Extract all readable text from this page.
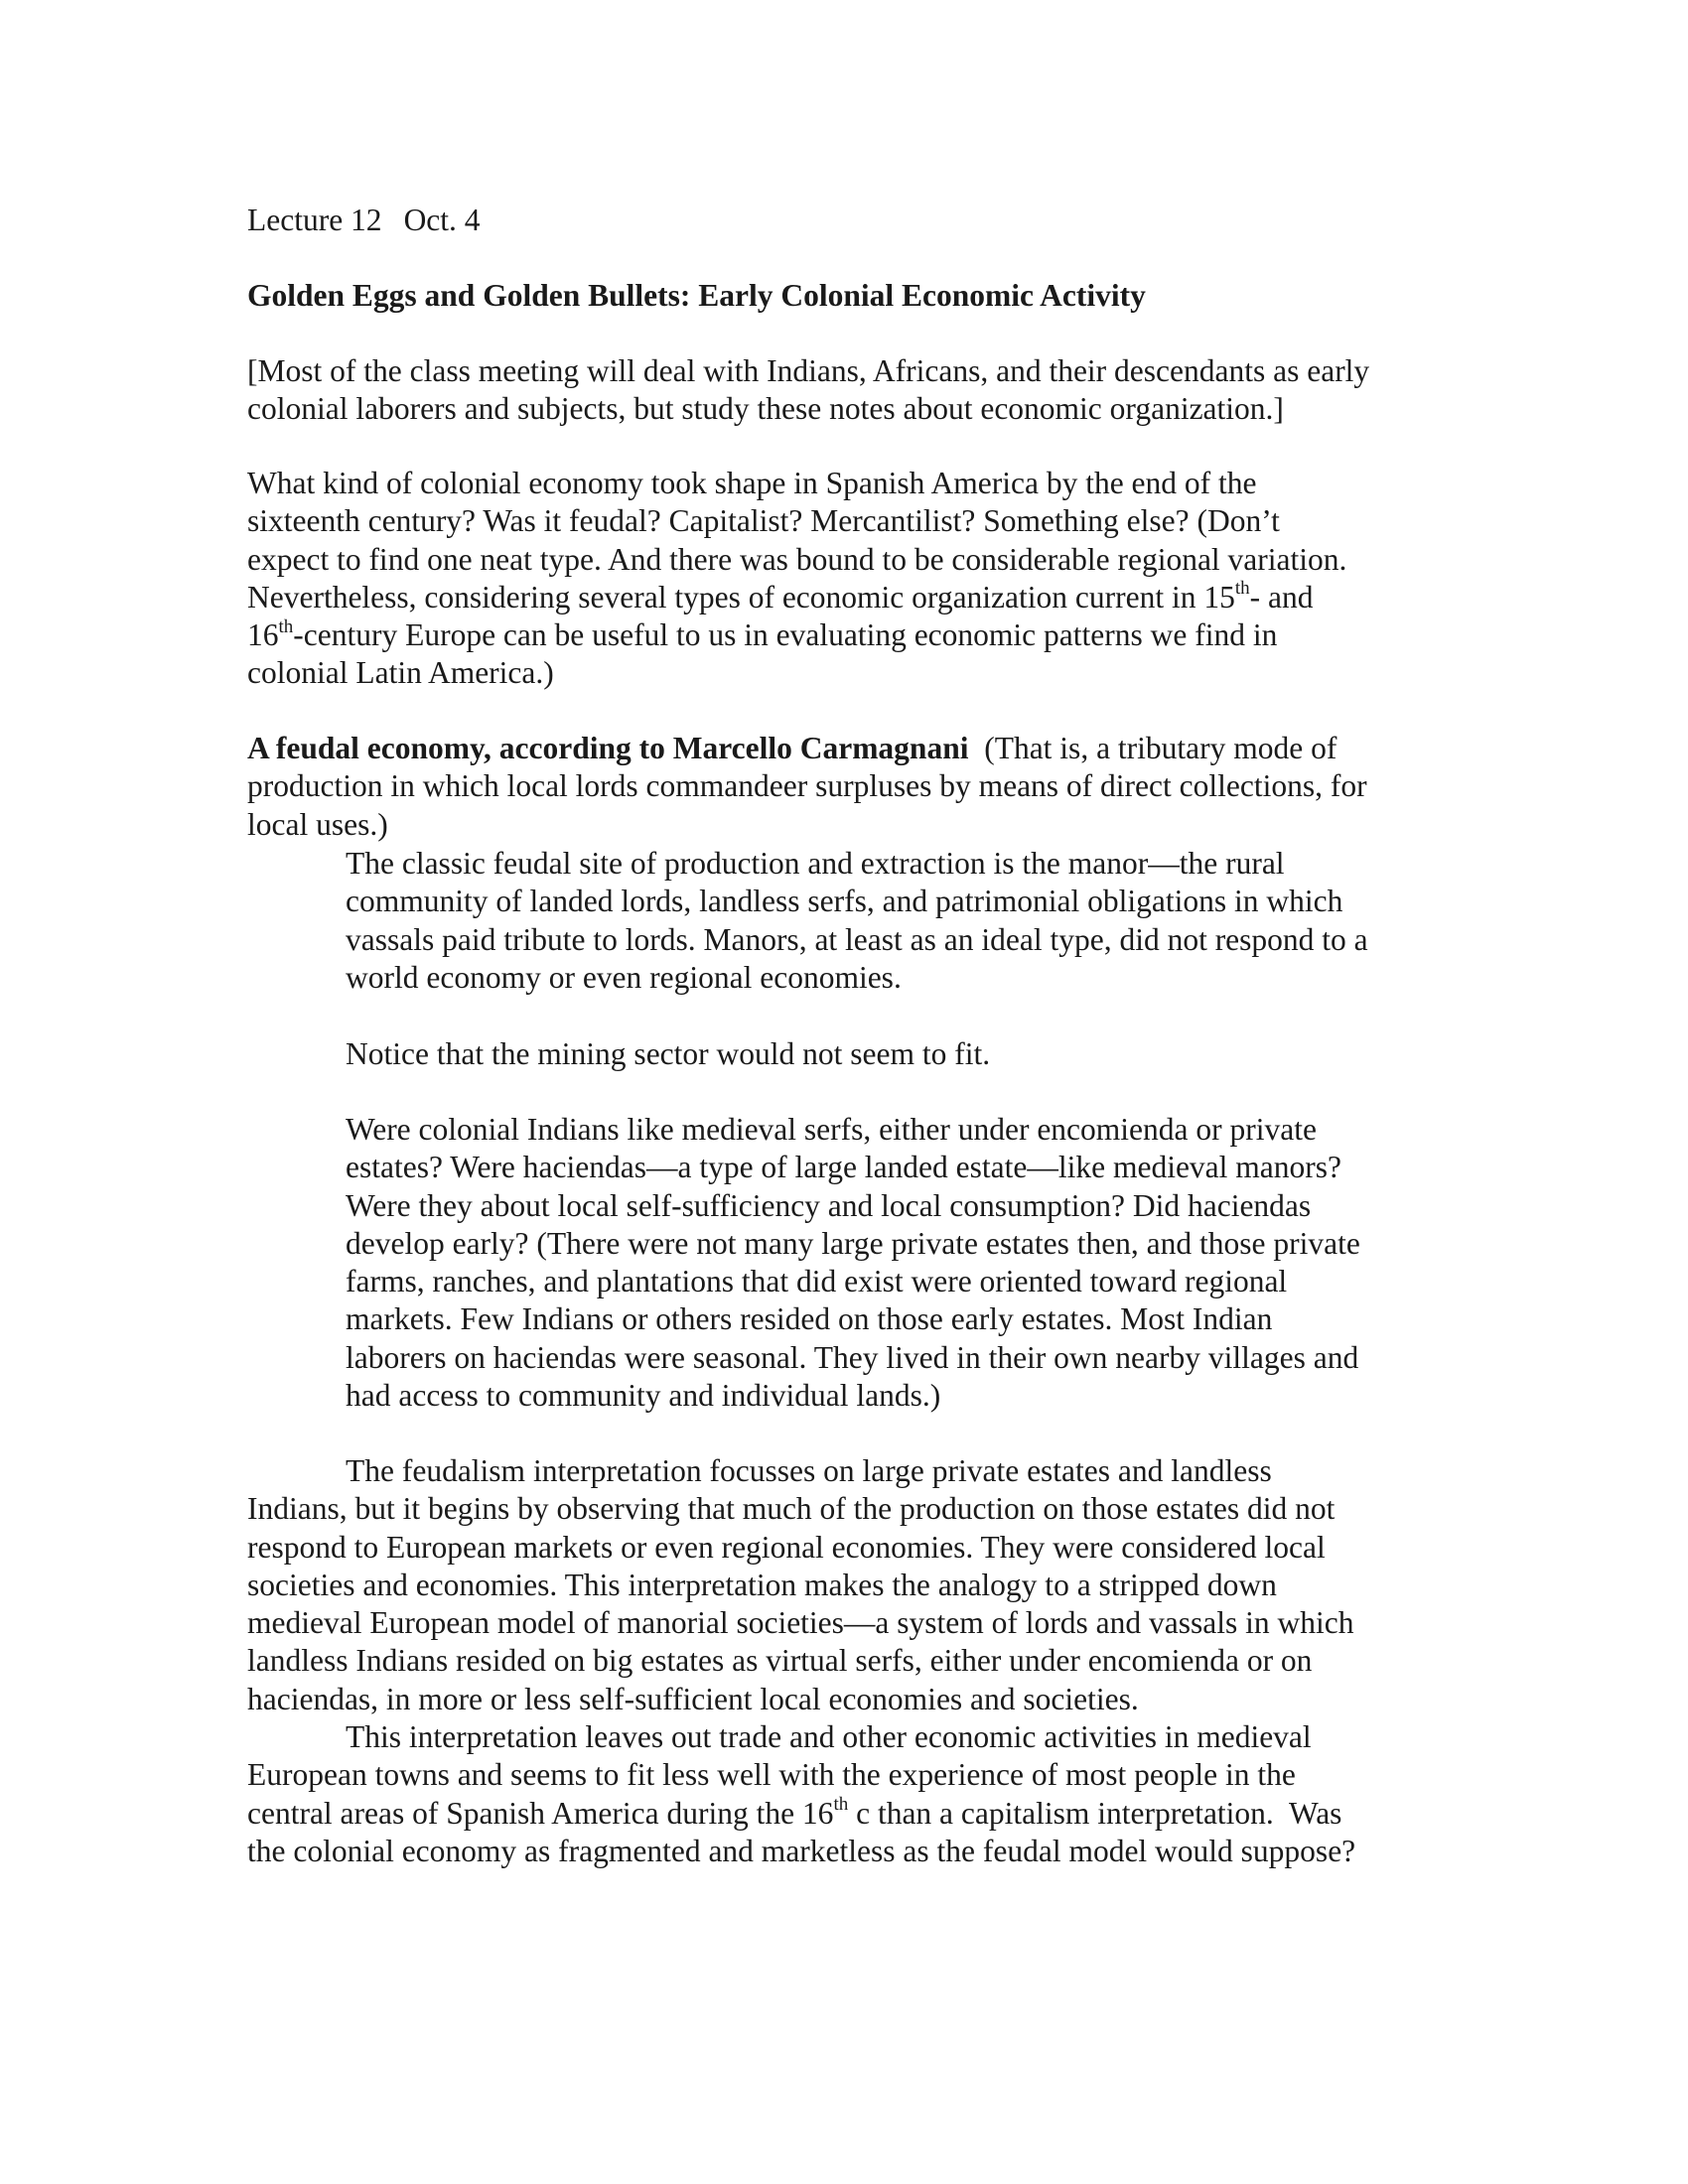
Lecture 12 Oct. 4
Golden Eggs and Golden Bullets: Early Colonial Economic Activity
[Most of the class meeting will deal with Indians, Africans, and their descendants as early
colonial laborers and subjects, but study these notes about economic organization.]
What kind of colonial economy took shape in Spanish America by the end of the
sixteenth century? Was it feudal? Capitalist? Mercantilist? Something else? (Don’t
expect to find one neat type. And there was bound to be considerable regional variation.
Nevertheless, considering several types of economic organization current in 15th- and
16th-century Europe can be useful to us in evaluating economic patterns we find in
colonial Latin America.)
A feudal economy, according to Marcello Carmagnani  (That is, a tributary mode of
production in which local lords commandeer surpluses by means of direct collections, for
local uses.)
The classic feudal site of production and extraction is the manor—the rural
community of landed lords, landless serfs, and patrimonial obligations in which
vassals paid tribute to lords. Manors, at least as an ideal type, did not respond to a
world economy or even regional economies.
Notice that the mining sector would not seem to fit.
Were colonial Indians like medieval serfs, either under encomienda or private
estates? Were haciendas—a type of large landed estate—like medieval manors?
Were they about local self-sufficiency and local consumption? Did haciendas
develop early? (There were not many large private estates then, and those private
farms, ranches, and plantations that did exist were oriented toward regional
markets. Few Indians or others resided on those early estates. Most Indian
laborers on haciendas were seasonal. They lived in their own nearby villages and
had access to community and individual lands.)
The feudalism interpretation focusses on large private estates and landless
Indians, but it begins by observing that much of the production on those estates did not
respond to European markets or even regional economies. They were considered local
societies and economies. This interpretation makes the analogy to a stripped down
medieval European model of manorial societies—a system of lords and vassals in which
landless Indians resided on big estates as virtual serfs, either under encomienda or on
haciendas, in more or less self-sufficient local economies and societies.
This interpretation leaves out trade and other economic activities in medieval
European towns and seems to fit less well with the experience of most people in the
central areas of Spanish America during the 16th c than a capitalism interpretation.  Was
the colonial economy as fragmented and marketless as the feudal model would suppose?
